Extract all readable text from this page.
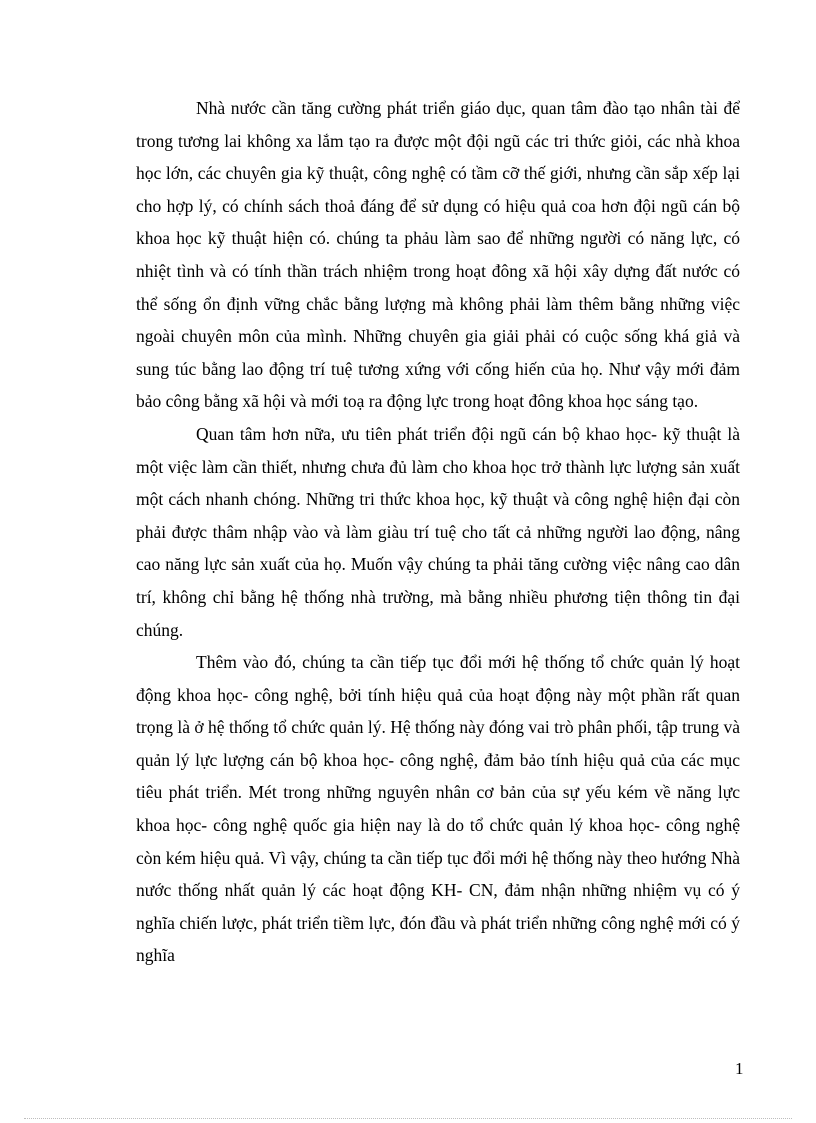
Nhà nước cần tăng cường phát triển giáo dục, quan tâm đào tạo nhân tài để trong tương lai không xa lắm tạo ra được một đội ngũ các tri thức giỏi, các nhà khoa học lớn, các chuyên gia kỹ thuật, công nghệ có tầm cỡ thế giới, nhưng cần sắp xếp lại cho hợp lý, có chính sách thoả đáng để sử dụng có hiệu quả coa hơn đội ngũ cán bộ khoa học kỹ thuật hiện có. chúng ta phảu làm sao để những người có năng lực, có nhiệt tình và có tính thần trách nhiệm trong hoạt đông xã hội xây dựng đất nước có thể sống ổn định vững chắc bằng lượng mà không phải làm thêm bằng những việc ngoài chuyên môn của mình. Những chuyên gia giải phải có cuộc sống khá giả và sung túc bằng lao động trí tuệ tương xứng với cống hiến của họ. Như vậy mới đảm bảo công bằng xã hội và mới toạ ra động lực trong hoạt đông khoa học sáng tạo.

Quan tâm hơn nữa, ưu tiên phát triển đội ngũ cán bộ khao học- kỹ thuật là một việc làm cần thiết, nhưng chưa đủ làm cho khoa học trở thành lực lượng sản xuất một cách nhanh chóng. Những tri thức khoa học, kỹ thuật và công nghệ hiện đại còn phải được thâm nhập vào và làm giàu trí tuệ cho tất cả những người lao động, nâng cao năng lực sản xuất của họ. Muốn vậy chúng ta phải tăng cường việc nâng cao dân trí, không chỉ bằng hệ thống nhà trường, mà bằng nhiều phương tiện thông tin đại chúng.

Thêm vào đó, chúng ta cần tiếp tục đổi mới hệ thống tổ chức quản lý hoạt động khoa học- công nghệ, bởi tính hiệu quả của hoạt động này một phần rất quan trọng là ở hệ thống tổ chức quản lý. Hệ thống này đóng vai trò phân phối, tập trung và quản lý lực lượng cán bộ khoa học- công nghệ, đảm bảo tính hiệu quả của các mục tiêu phát triển. Mét trong những nguyên nhân cơ bản của sự yếu kém về năng lực khoa học- công nghệ quốc gia hiện nay là do tổ chức quản lý khoa học- công nghệ còn kém hiệu quả. Vì vậy, chúng ta cần tiếp tục đổi mới hệ thống này theo hướng Nhà nước thống nhất quản lý các hoạt động KH- CN, đảm nhận những nhiệm vụ có ý nghĩa chiến lược, phát triển tiềm lực, đón đầu và phát triển những công nghệ mới có ý nghĩa

1
